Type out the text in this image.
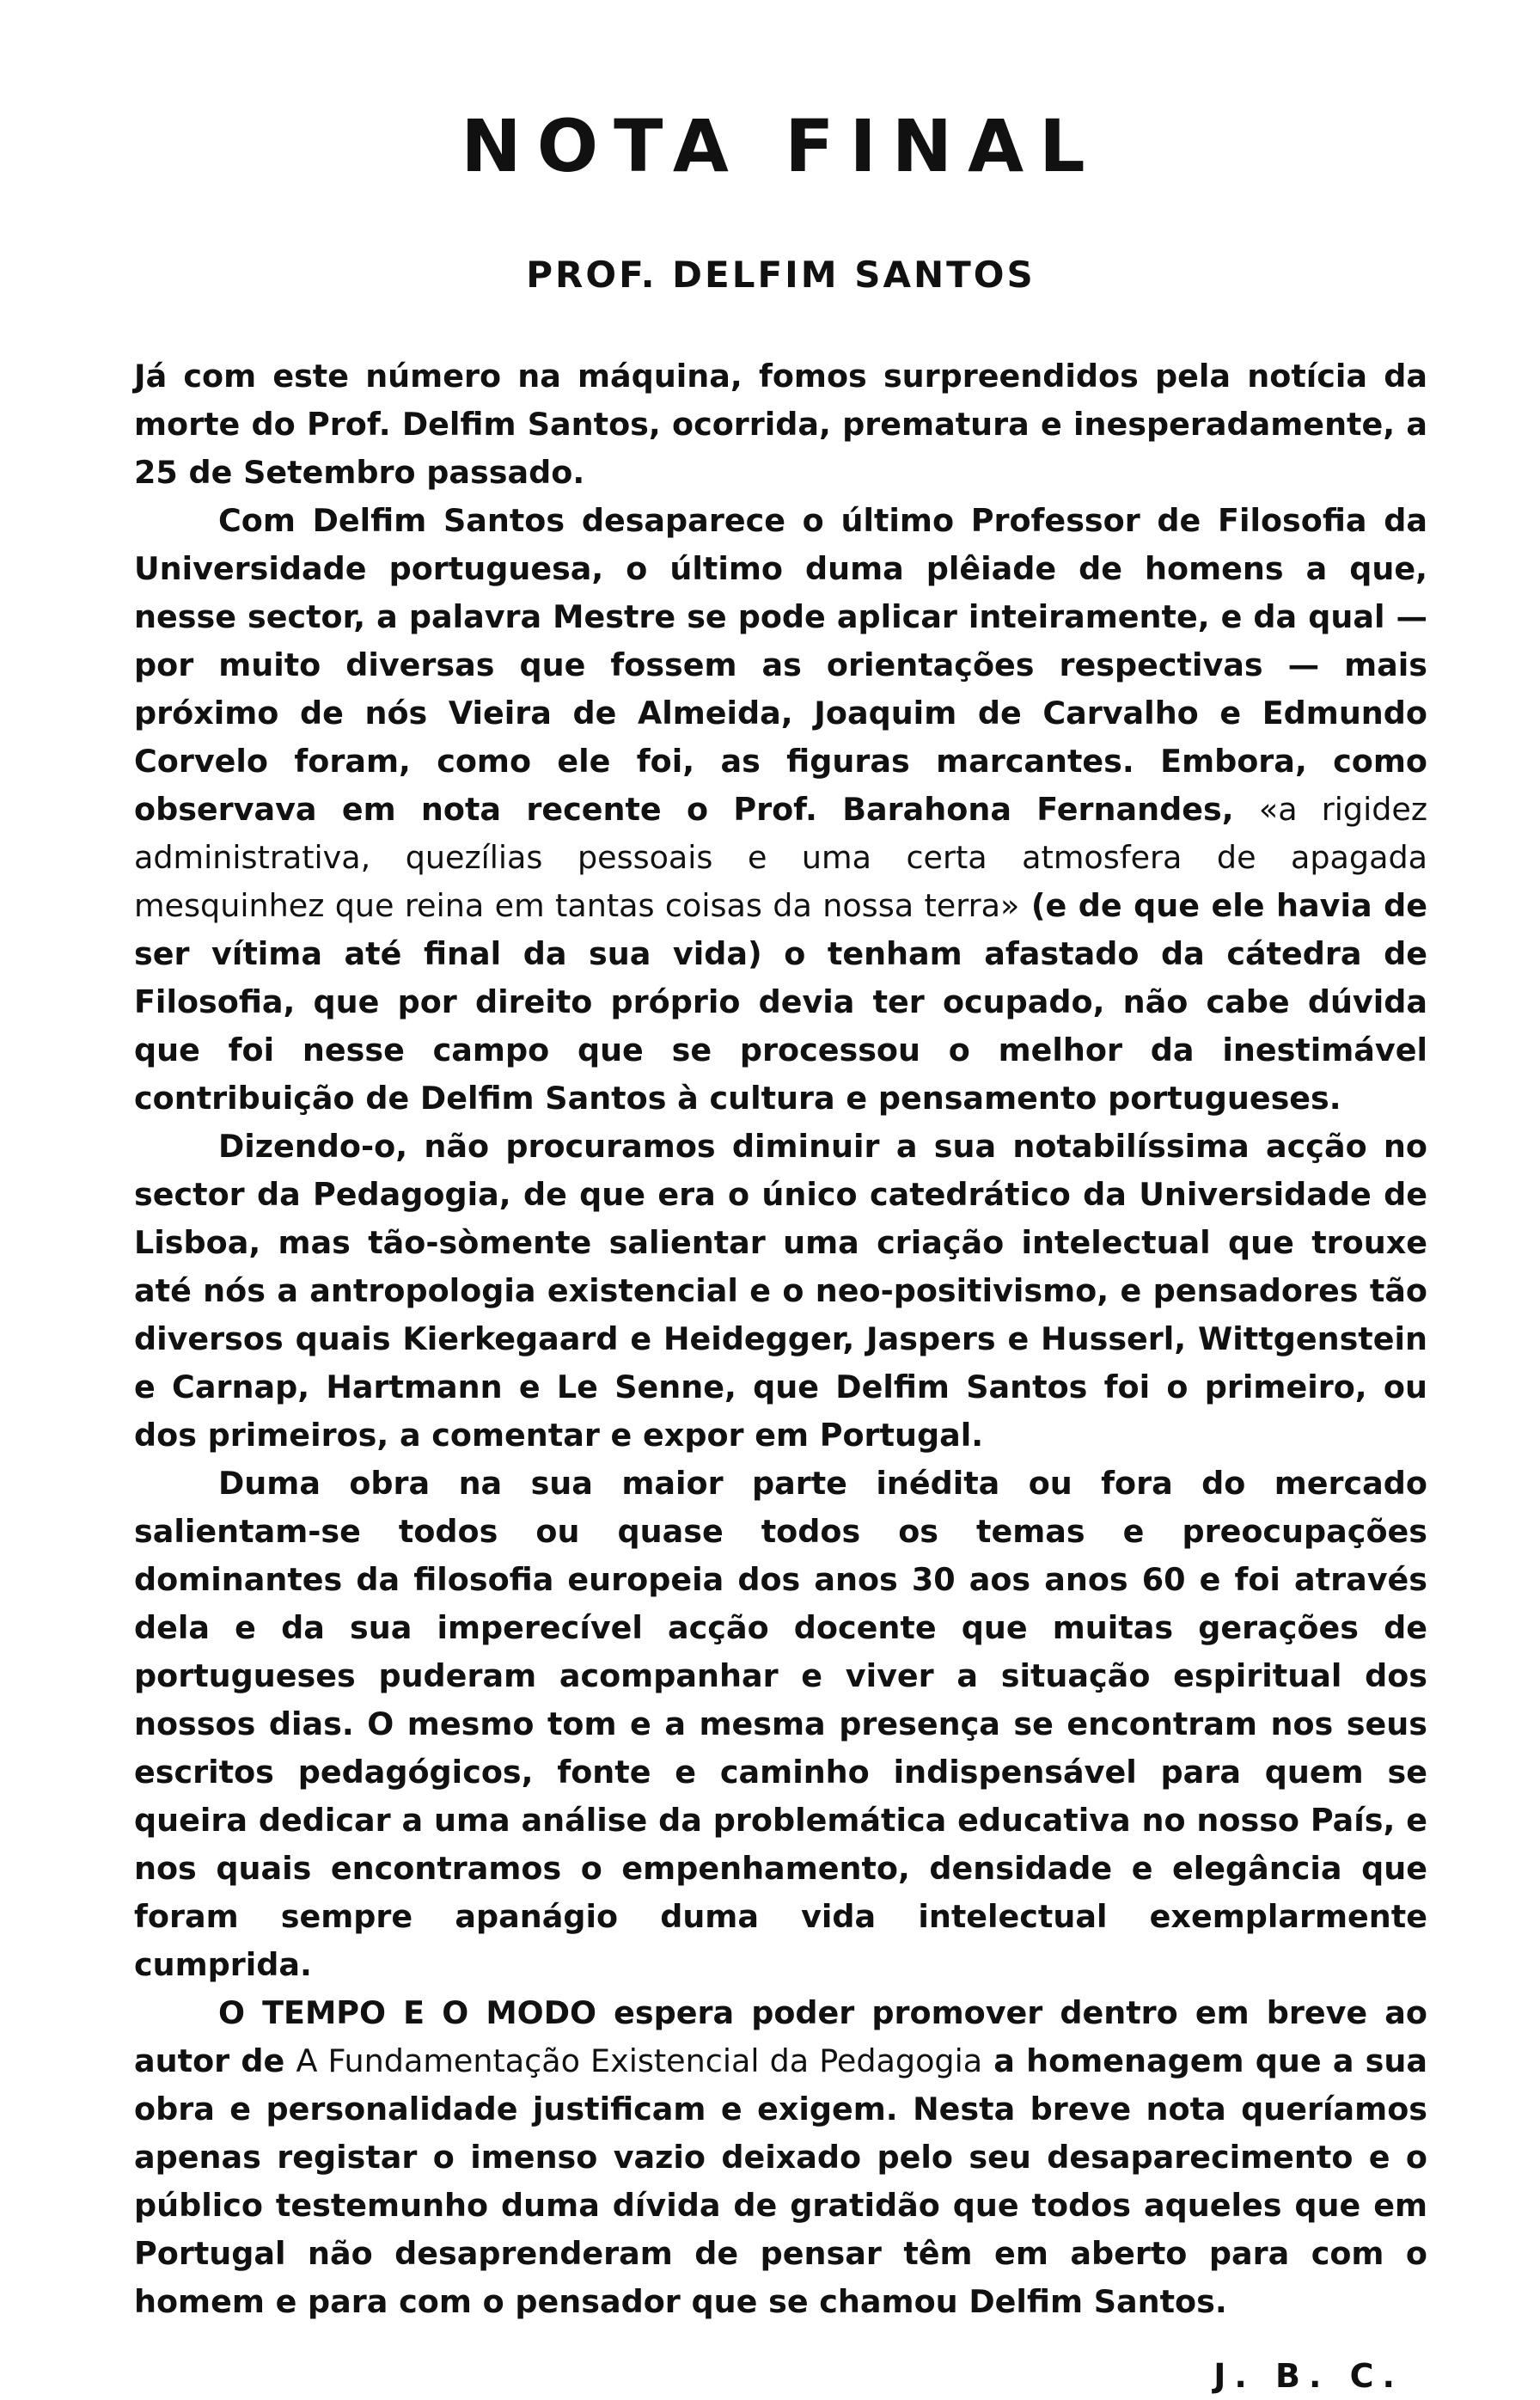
NOTA FINAL
PROF. DELFIM SANTOS

Já com este número na máquina, fomos surpreendidos pela notícia da morte do Prof. Delfim Santos, ocorrida, prematura e inesperadamente, a 25 de Setembro passado.

Com Delfim Santos desaparece o último Professor de Filosofia da Universidade portuguesa, o último duma plêiade de homens a que, nesse sector, a palavra Mestre se pode aplicar inteiramente, e da qual — por muito diversas que fossem as orientações respectivas — mais próximo de nós Vieira de Almeida, Joaquim de Carvalho e Edmundo Corvelo foram, como ele foi, as figuras marcantes. Embora, como observava em nota recente o Prof. Barahona Fernandes, «a rigidez administrativa, quezílias pessoais e uma certa atmosfera de apagada mesquinhez que reina em tantas coisas da nossa terra» (e de que ele havia de ser vítima até final da sua vida) o tenham afastado da cátedra de Filosofia, que por direito próprio devia ter ocupado, não cabe dúvida que foi nesse campo que se processou o melhor da inestimável contribuição de Delfim Santos à cultura e pensamento portugueses.

Dizendo-o, não procuramos diminuir a sua notabilíssima acção no sector da Pedagogia, de que era o único catedrático da Universidade de Lisboa, mas tão-sòmente salientar uma criação intelectual que trouxe até nós a antropologia existencial e o neo-positivismo, e pensadores tão diversos quais Kierkegaard e Heidegger, Jaspers e Husserl, Wittgenstein e Carnap, Hartmann e Le Senne, que Delfim Santos foi o primeiro, ou dos primeiros, a comentar e expor em Portugal.

Duma obra na sua maior parte inédita ou fora do mercado salientam-se todos ou quase todos os temas e preocupações dominantes da filosofia europeia dos anos 30 aos anos 60 e foi através dela e da sua imperecível acção docente que muitas gerações de portugueses puderam acompanhar e viver a situação espiritual dos nossos dias. O mesmo tom e a mesma presença se encontram nos seus escritos pedagógicos, fonte e caminho indispensável para quem se queira dedicar a uma análise da problemática educativa no nosso País, e nos quais encontramos o empenhamento, densidade e elegância que foram sempre apanágio duma vida intelectual exemplarmente cumprida.

O TEMPO E O MODO espera poder promover dentro em breve ao autor de A Fundamentação Existencial da Pedagogia a homenagem que a sua obra e personalidade justificam e exigem. Nesta breve nota queríamos apenas registar o imenso vazio deixado pelo seu desaparecimento e o público testemunho duma dívida de gratidão que todos aqueles que em Portugal não desaprenderam de pensar têm em aberto para com o homem e para com o pensador que se chamou Delfim Santos.

J. B. C.
